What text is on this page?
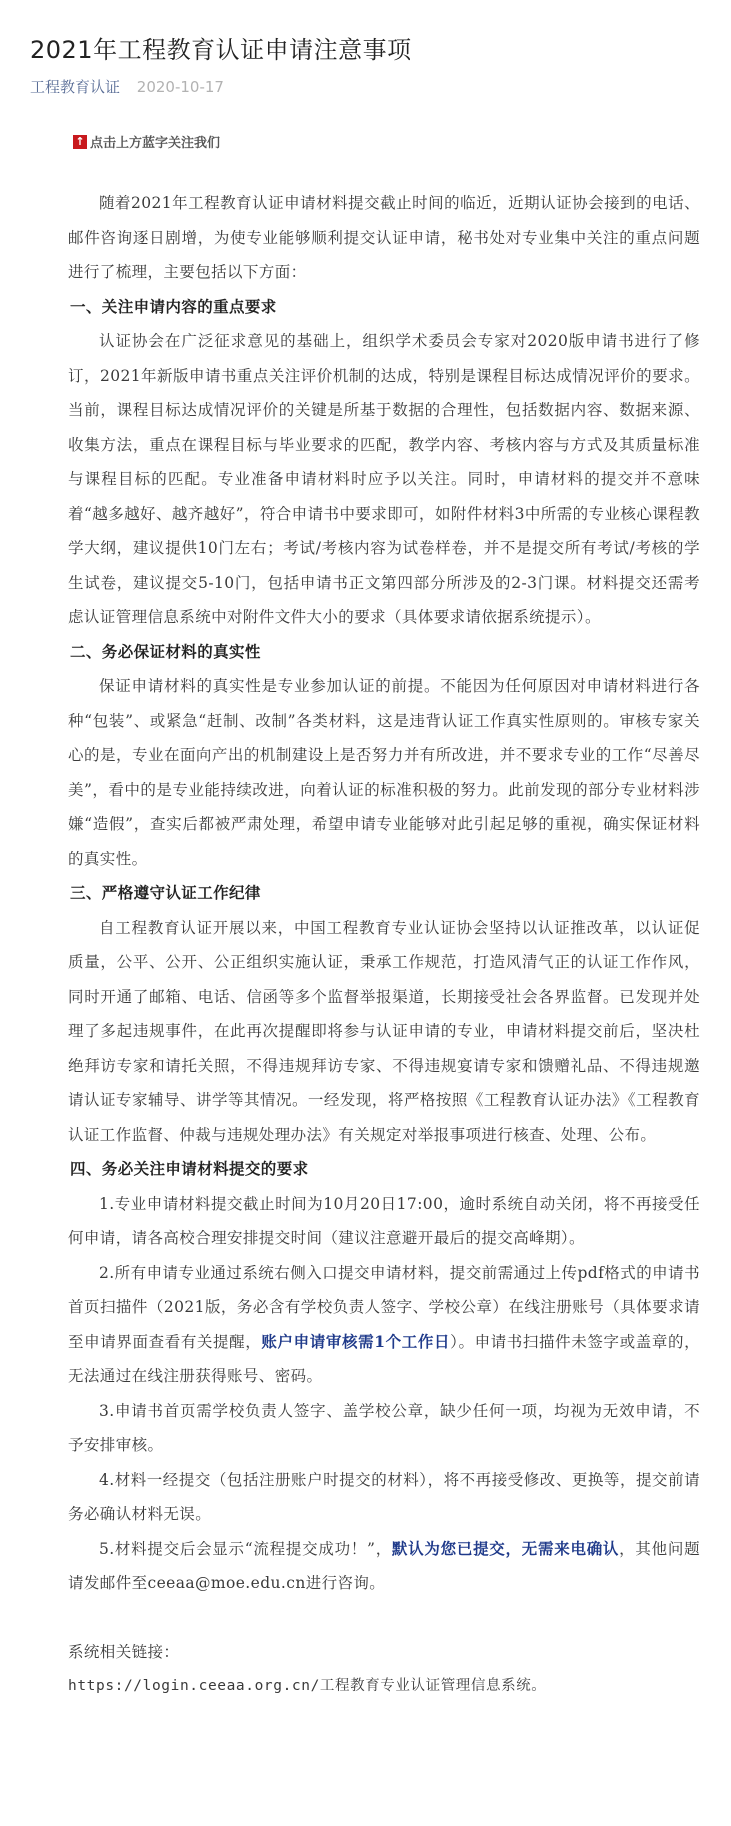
2021年工程教育认证申请注意事项
工程教育认证 2020-10-17
↑ 点击上方蓝字关注我们

随着2021年工程教育认证申请材料提交截止时间的临近，近期认证协会接到的电话、邮件咨询逐日剧增，为使专业能够顺利提交认证申请，秘书处对专业集中关注的重点问题进行了梳理，主要包括以下方面：

一、关注申请内容的重点要求

认证协会在广泛征求意见的基础上，组织学术委员会专家对2020版申请书进行了修订，2021年新版申请书重点关注评价机制的达成，特别是课程目标达成情况评价的要求。当前，课程目标达成情况评价的关键是所基于数据的合理性，包括数据内容、数据来源、收集方法，重点在课程目标与毕业要求的匹配，教学内容、考核内容与方式及其质量标准与课程目标的匹配。专业准备申请材料时应予以关注。同时，申请材料的提交并不意味着“越多越好、越齐越好”，符合申请书中要求即可，如附件材料3中所需的专业核心课程教学大纲，建议提供10门左右；考试/考核内容为试卷样卷，并不是提交所有考试/考核的学生试卷，建议提交5-10门，包括申请书正文第四部分所涉及的2-3门课。材料提交还需考虑认证管理信息系统中对附件文件大小的要求（具体要求请依据系统提示）。

二、务必保证材料的真实性

保证申请材料的真实性是专业参加认证的前提。不能因为任何原因对申请材料进行各种“包装”、或紧急“赶制、改制”各类材料，这是违背认证工作真实性原则的。审核专家关心的是，专业在面向产出的机制建设上是否努力并有所改进，并不要求专业的工作“尽善尽美”，看中的是专业能持续改进，向着认证的标准积极的努力。此前发现的部分专业材料涉嫌“造假”，查实后都被严肃处理，希望申请专业能够对此引起足够的重视，确实保证材料的真实性。

三、严格遵守认证工作纪律

自工程教育认证开展以来，中国工程教育专业认证协会坚持以认证推改革，以认证促质量，公平、公开、公正组织实施认证，秉承工作规范，打造风清气正的认证工作作风，同时开通了邮箱、电话、信函等多个监督举报渠道，长期接受社会各界监督。已发现并处理了多起违规事件，在此再次提醒即将参与认证申请的专业，申请材料提交前后，坚决杜绝拜访专家和请托关照，不得违规拜访专家、不得违规宴请专家和馈赠礼品、不得违规邀请认证专家辅导、讲学等其情况。一经发现，将严格按照《工程教育认证办法》《工程教育认证工作监督、仲裁与违规处理办法》有关规定对举报事项进行核查、处理、公布。

四、务必关注申请材料提交的要求

1.专业申请材料提交截止时间为10月20日17:00，逾时系统自动关闭，将不再接受任何申请，请各高校合理安排提交时间（建议注意避开最后的提交高峰期）。

2.所有申请专业通过系统右侧入口提交申请材料，提交前需通过上传pdf格式的申请书首页扫描件（2021版，务必含有学校负责人签字、学校公章）在线注册账号（具体要求请至申请界面查看有关提醒，账户申请审核需1个工作日）。申请书扫描件未签字或盖章的，无法通过在线注册获得账号、密码。

3.申请书首页需学校负责人签字、盖学校公章，缺少任何一项，均视为无效申请，不予安排审核。

4.材料一经提交（包括注册账户时提交的材料），将不再接受修改、更换等，提交前请务必确认材料无误。

5.材料提交后会显示“流程提交成功！”，默认为您已提交，无需来电确认，其他问题请发邮件至ceeaa@moe.edu.cn进行咨询。

系统相关链接：

https://login.ceeaa.org.cn/工程教育专业认证管理信息系统。
